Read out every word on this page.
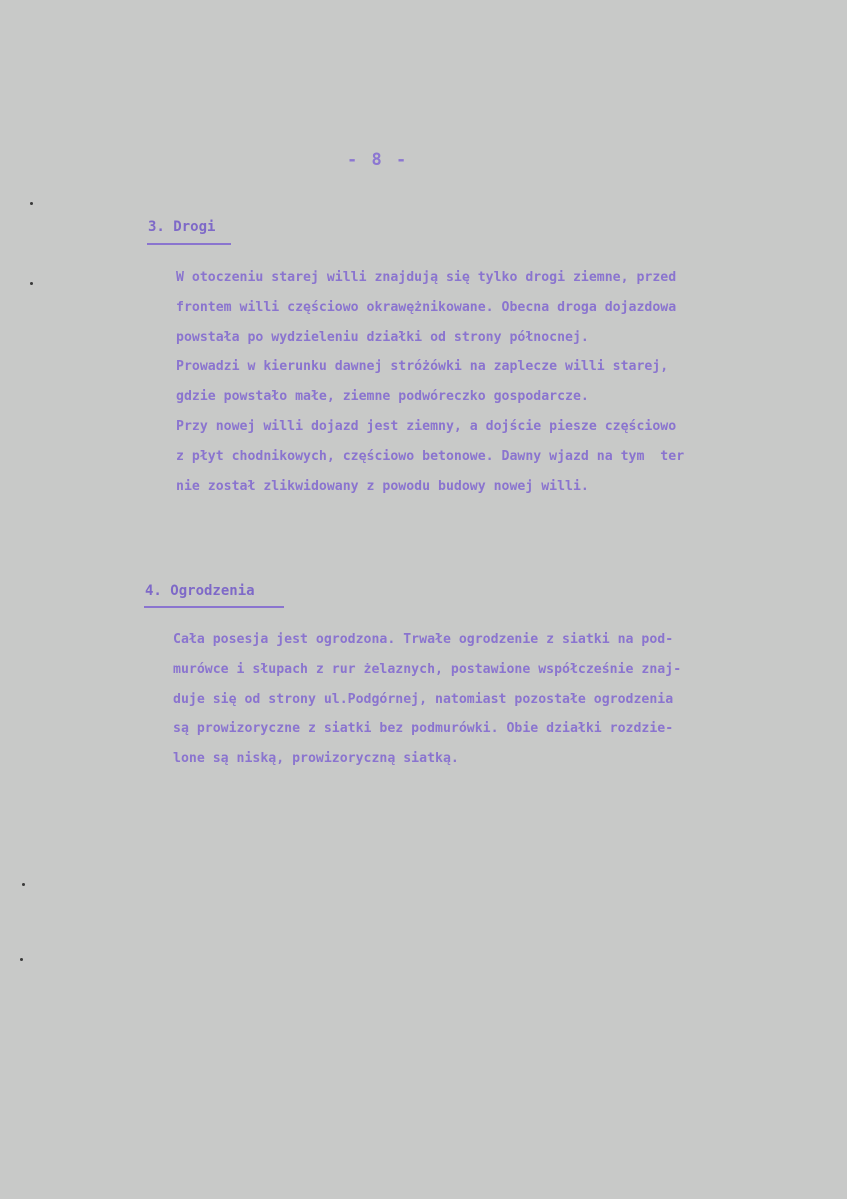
- 8 -
3. Drogi
W otoczeniu starej willi znajdują się tylko drogi ziemne, przed
frontem willi częściowo okrawężnikowane. Obecna droga dojazdowa
powstała po wydzieleniu działki od strony północnej.
Prowadzi w kierunku dawnej stróżówki na zaplecze willi starej,
gdzie powstało małe, ziemne podwóreczko gospodarcze.
Przy nowej willi dojazd jest ziemny, a dojście piesze częściowo
z płyt chodnikowych, częściowo betonowe. Dawny wjazd na tym  ter
nie został zlikwidowany z powodu budowy nowej willi.
4. Ogrodzenia
Cała posesja jest ogrodzona. Trwałe ogrodzenie z siatki na pod-
murówce i słupach z rur żelaznych, postawione współcześnie znaj-
duje się od strony ul.Podgórnej, natomiast pozostałe ogrodzenia
są prowizoryczne z siatki bez podmurówki. Obie działki rozdzie-
lone są niską, prowizoryczną siatką.
